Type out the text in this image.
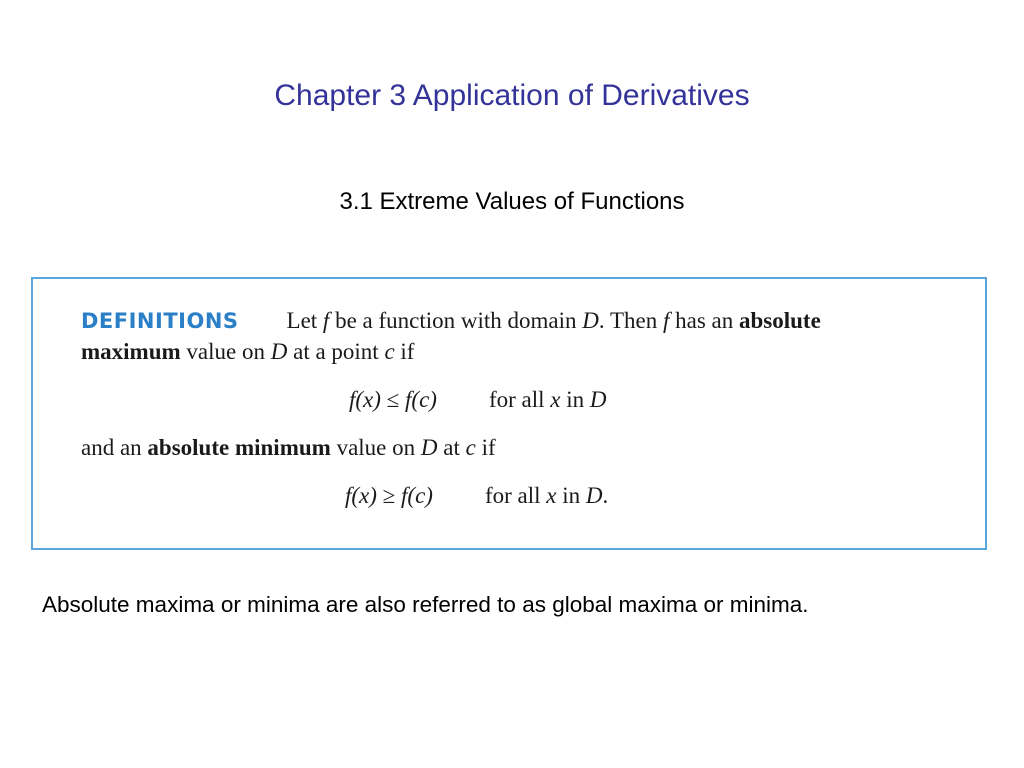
Chapter 3 Application of Derivatives
3.1 Extreme Values of Functions
DEFINITIONS Let f be a function with domain D. Then f has an absolute
maximum value on D at a point c if
f(x) ≤ f(c) for all x in D
and an absolute minimum value on D at c if
f(x) ≥ f(c) for all x in D.
Absolute maxima or minima are also referred to as global maxima or minima.
